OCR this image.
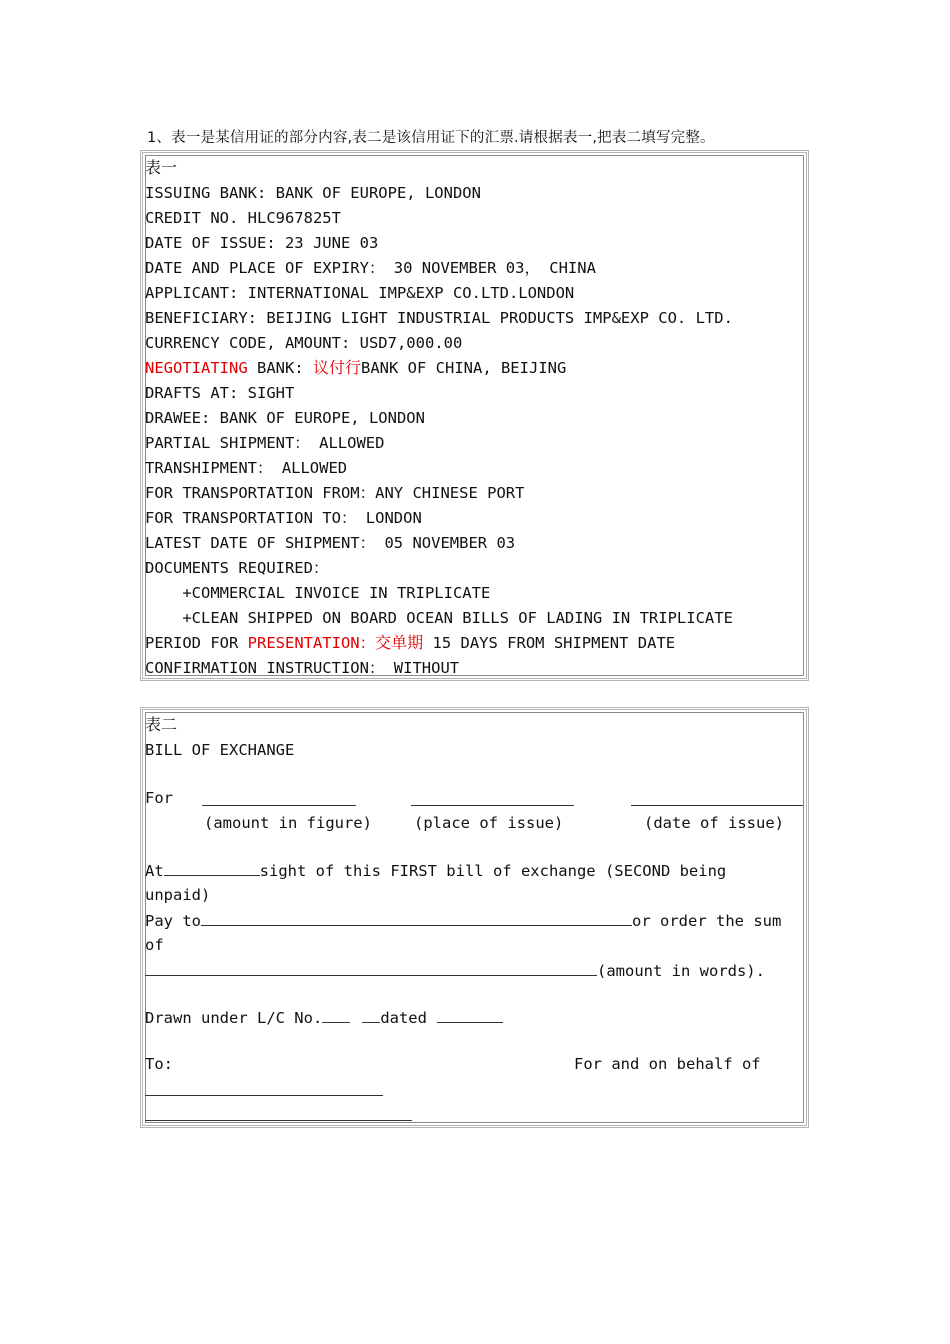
1、表一是某信用证的部分内容,表二是该信用证下的汇票.请根据表一,把表二填写完整。
表一
ISSUING BANK: BANK OF EUROPE, LONDON
CREDIT NO. HLC967825T
DATE OF ISSUE: 23 JUNE 03
DATE AND PLACE OF EXPIRY： 30 NOVEMBER 03， CHINA
APPLICANT: INTERNATIONAL IMP&EXP CO.LTD.LONDON
BENEFICIARY: BEIJING LIGHT INDUSTRIAL PRODUCTS IMP&EXP CO. LTD.
CURRENCY CODE, AMOUNT: USD7,000.00
NEGOTIATING BANK: 议付行BANK OF CHINA, BEIJING
DRAFTS AT: SIGHT
DRAWEE: BANK OF EUROPE, LONDON
PARTIAL SHIPMENT： ALLOWED
TRANSHIPMENT： ALLOWED
FOR TRANSPORTATION FROM：ANY CHINESE PORT
FOR TRANSPORTATION TO： LONDON
LATEST DATE OF SHIPMENT： 05 NOVEMBER 03
DOCUMENTS REQUIRED：
+COMMERCIAL INVOICE IN TRIPLICATE
+CLEAN SHIPPED ON BOARD OCEAN BILLS OF LADING IN TRIPLICATE
PERIOD FOR PRESENTATION：交单期 15 DAYS FROM SHIPMENT DATE
CONFIRMATION INSTRUCTION： WITHOUT
表二
BILL OF EXCHANGE
For
(amount in figure)	(place of issue)	(date of issue)
At	sight of this FIRST bill of exchange (SECOND being
unpaid)
Pay to	or order the sum
of
(amount in words).
Drawn under L/C No.	dated
To:	For and on behalf of
